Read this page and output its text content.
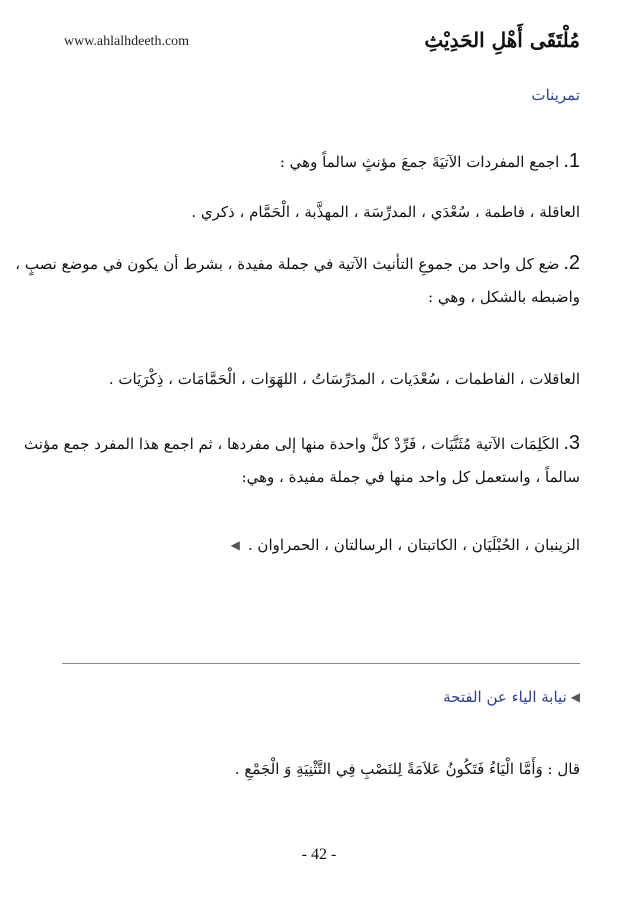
www.ahlalhdeeth.com	مُلْتَقَى أَهْلِ الحَدِيْثِ
تمرينات
1.اجمع المفردات الآتيَةَ جمعَ مؤنثٍ سالماً وهي :
العاقلة ، فاطمة ، سُعْدَي ، المدرِّسَة ، المهذَّبة ، الْحَمَّام ، ذكري .
2.ضع كل واحد من جموعِ التأنيث الآتية في جملة مفيدة ، بشرط أن يكون في موضع نصبٍ ،
واضبطه بالشكل ، وهي :
العاقلات ، الفاطمات ، سُعْدَيات ، المدَرِّسَاتُ ، اللهَوَات ، الْحَمَّامَات ، ذِكْرَيَات .
3.الكَلِمَات الآتية مُثَنَّيَات ، فَرِّدْ كلَّ واحدة منها إلى مفردها ، ثم اجمع هذا المفرد جمع مؤنث
سالماً ، واستعمل كل واحد منها في جملة مفيدة ، وهي:
الزينبان ، الحُبْلَيَان ، الكاتبتان ، الرسالتان ، الحمراوان .◀
◀نيابة الياء عن الفتحة
قال : وَأَمَّا الْيَاءُ فَتَكُونُ عَلاَمَةً لِلنَصْبِ فِي التَّثْنِيَةِ وَ الْجَمْعِ .
- 42 -
